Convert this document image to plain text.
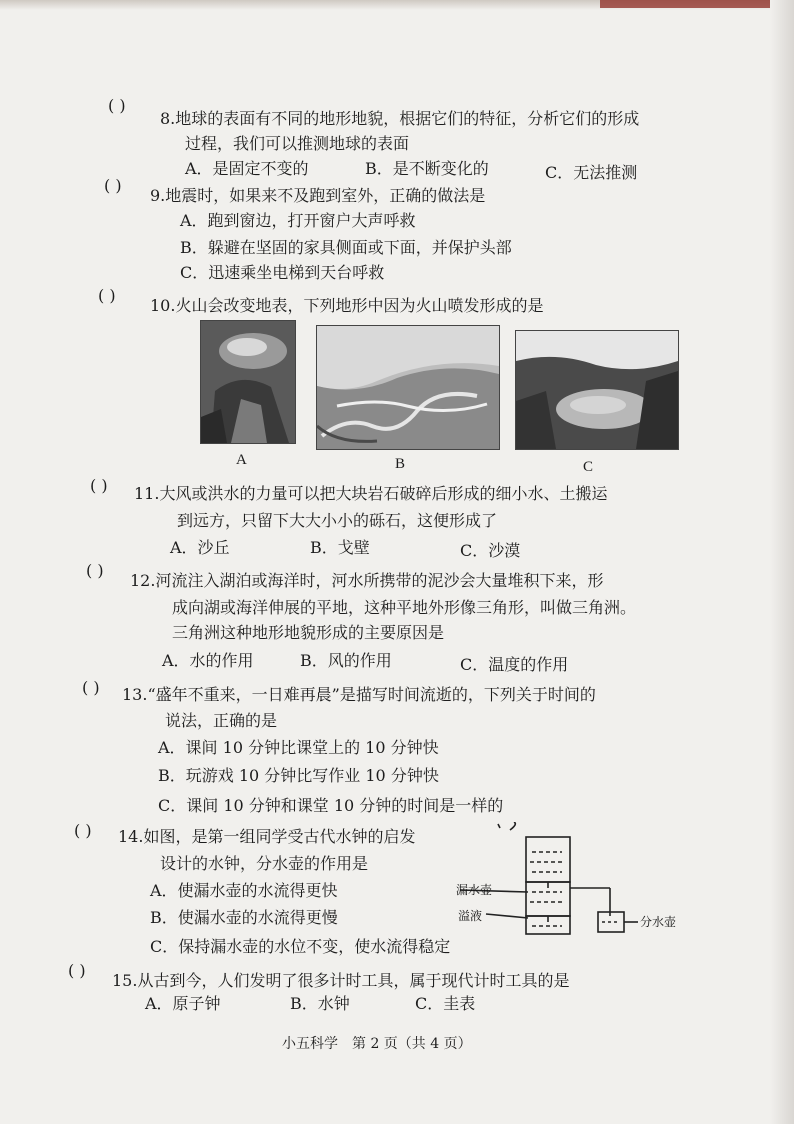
( )
8.地球的表面有不同的地形地貌，根据它们的特征，分析它们的形成
过程，我们可以推测地球的表面
A．是固定不变的	B．是不断变化的	C．无法推测
( )
9.地震时，如果来不及跑到室外，正确的做法是
A．跑到窗边，打开窗户大声呼救
B．躲避在坚固的家具侧面或下面，并保护头部
C．迅速乘坐电梯到天台呼救
( )
10.火山会改变地表，下列地形中因为火山喷发形成的是
A	B	C
( ) 11.大风或洪水的力量可以把大块岩石破碎后形成的细小水、土搬运
到远方，只留下大大小小的砾石，这便形成了
A．沙丘	B．戈壁	C．沙漠
( )
12.河流注入湖泊或海洋时，河水所携带的泥沙会大量堆积下来，形
成向湖或海洋伸展的平地，这种平地外形像三角形，叫做三角洲。
三角洲这种地形地貌形成的主要原因是
A．水的作用	B．风的作用	C．温度的作用
( ) 13.“盛年不重来，一日难再晨”是描写时间流逝的，下列关于时间的
说法，正确的是
A．课间 10 分钟比课堂上的 10 分钟快
B．玩游戏 10 分钟比写作业 10 分钟快
C．课间 10 分钟和课堂 10 分钟的时间是一样的
( ) 14.如图，是第一组同学受古代水钟的启发
设计的水钟，分水壶的作用是
A．使漏水壶的水流得更快
B．使漏水壶的水流得更慢
C．保持漏水壶的水位不变，使水流得稳定
漏水壶
溢液	分水壶
( )
15.从古到今，人们发明了很多计时工具，属于现代计时工具的是
A．原子钟	B．水钟	C．圭表
小五科学　第 2 页（共 4 页）
